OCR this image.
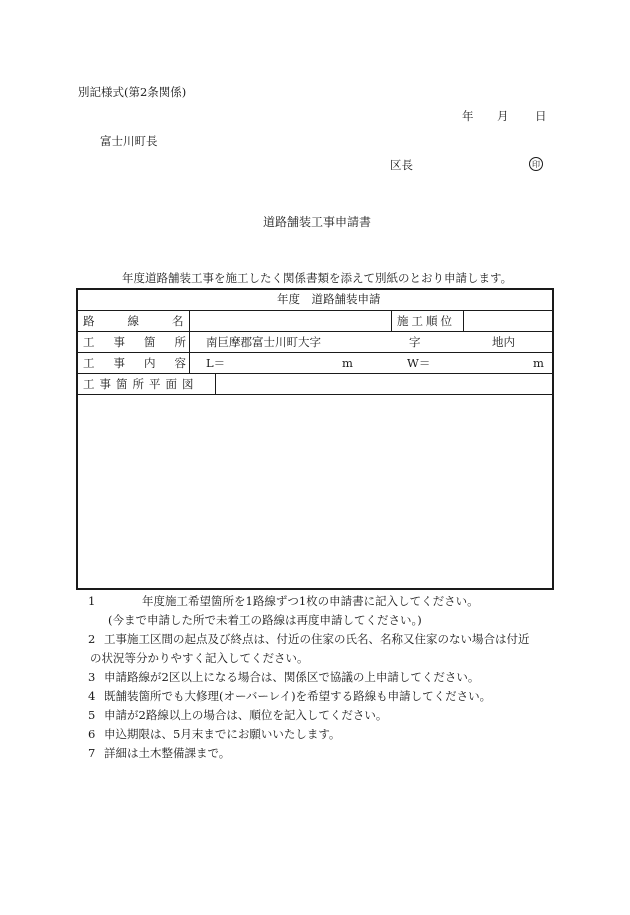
別記様式(第2条関係)
年 月 日
富士川町長
区長	印
道路舗装工事申請書
年度道路舗装工事を施工したく関係書類を添えて別紙のとおり申請します。
年度　道路舗装申請
路線名	施工順位
工事箇所 南巨摩郡富士川町大字	字	地内
工事内容 L＝	m	W＝	m
工事箇所平面図
1	年度施工希望箇所を1路線ずつ1枚の申請書に記入してください。
(今まで申請した所で未着工の路線は再度申請してください。)
2 工事施工区間の起点及び終点は、付近の住家の氏名、名称又住家のない場合は付近
の状況等分かりやすく記入してください。
3 申請路線が2区以上になる場合は、関係区で協議の上申請してください。
4 既舗装箇所でも大修理(オーバーレイ)を希望する路線も申請してください。
5 申請が2路線以上の場合は、順位を記入してください。
6 申込期限は、5月末までにお願いいたします。
7 詳細は土木整備課まで。
